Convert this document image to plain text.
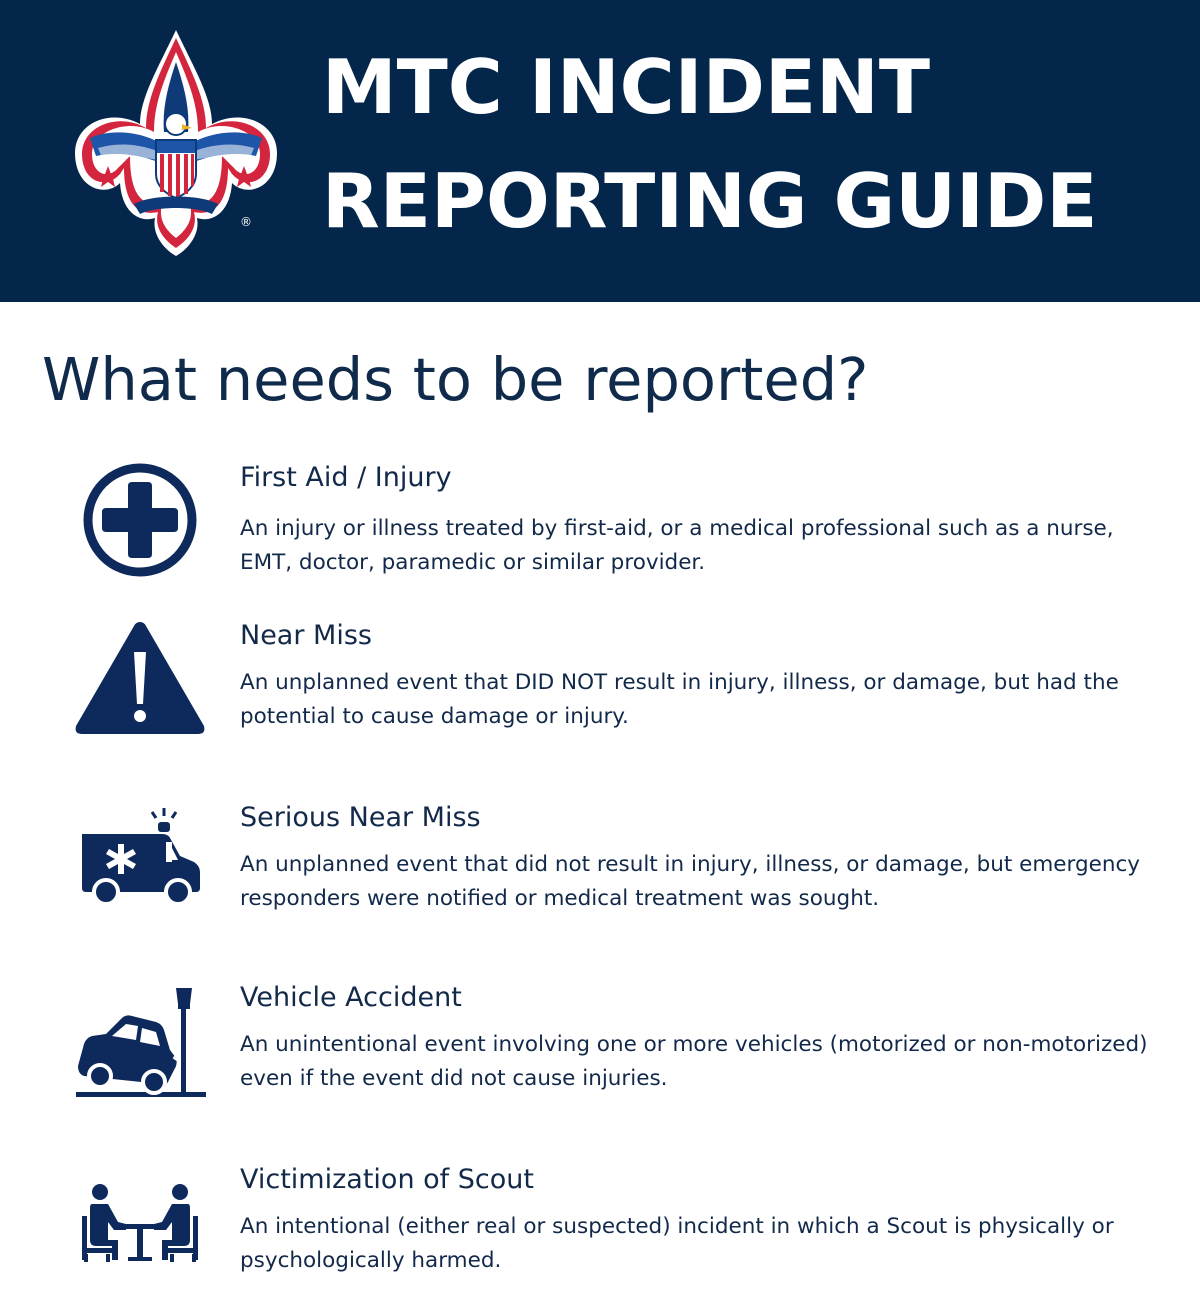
®
MTC INCIDENT
REPORTING GUIDE
What needs to be reported?
First Aid / Injury
An injury or illness treated by first-aid, or a medical professional such as a nurse, EMT, doctor, paramedic or similar provider.
Near Miss
An unplanned event that DID NOT result in injury, illness, or damage, but had the potential to cause damage or injury.
Serious Near Miss
An unplanned event that did not result in injury, illness, or damage, but emergency responders were notified or medical treatment was sought.
Vehicle Accident
An unintentional event involving one or more vehicles (motorized or non-motorized) even if the event did not cause injuries.
Victimization of Scout
An intentional (either real or suspected) incident in which a Scout is physically or psychologically harmed.
